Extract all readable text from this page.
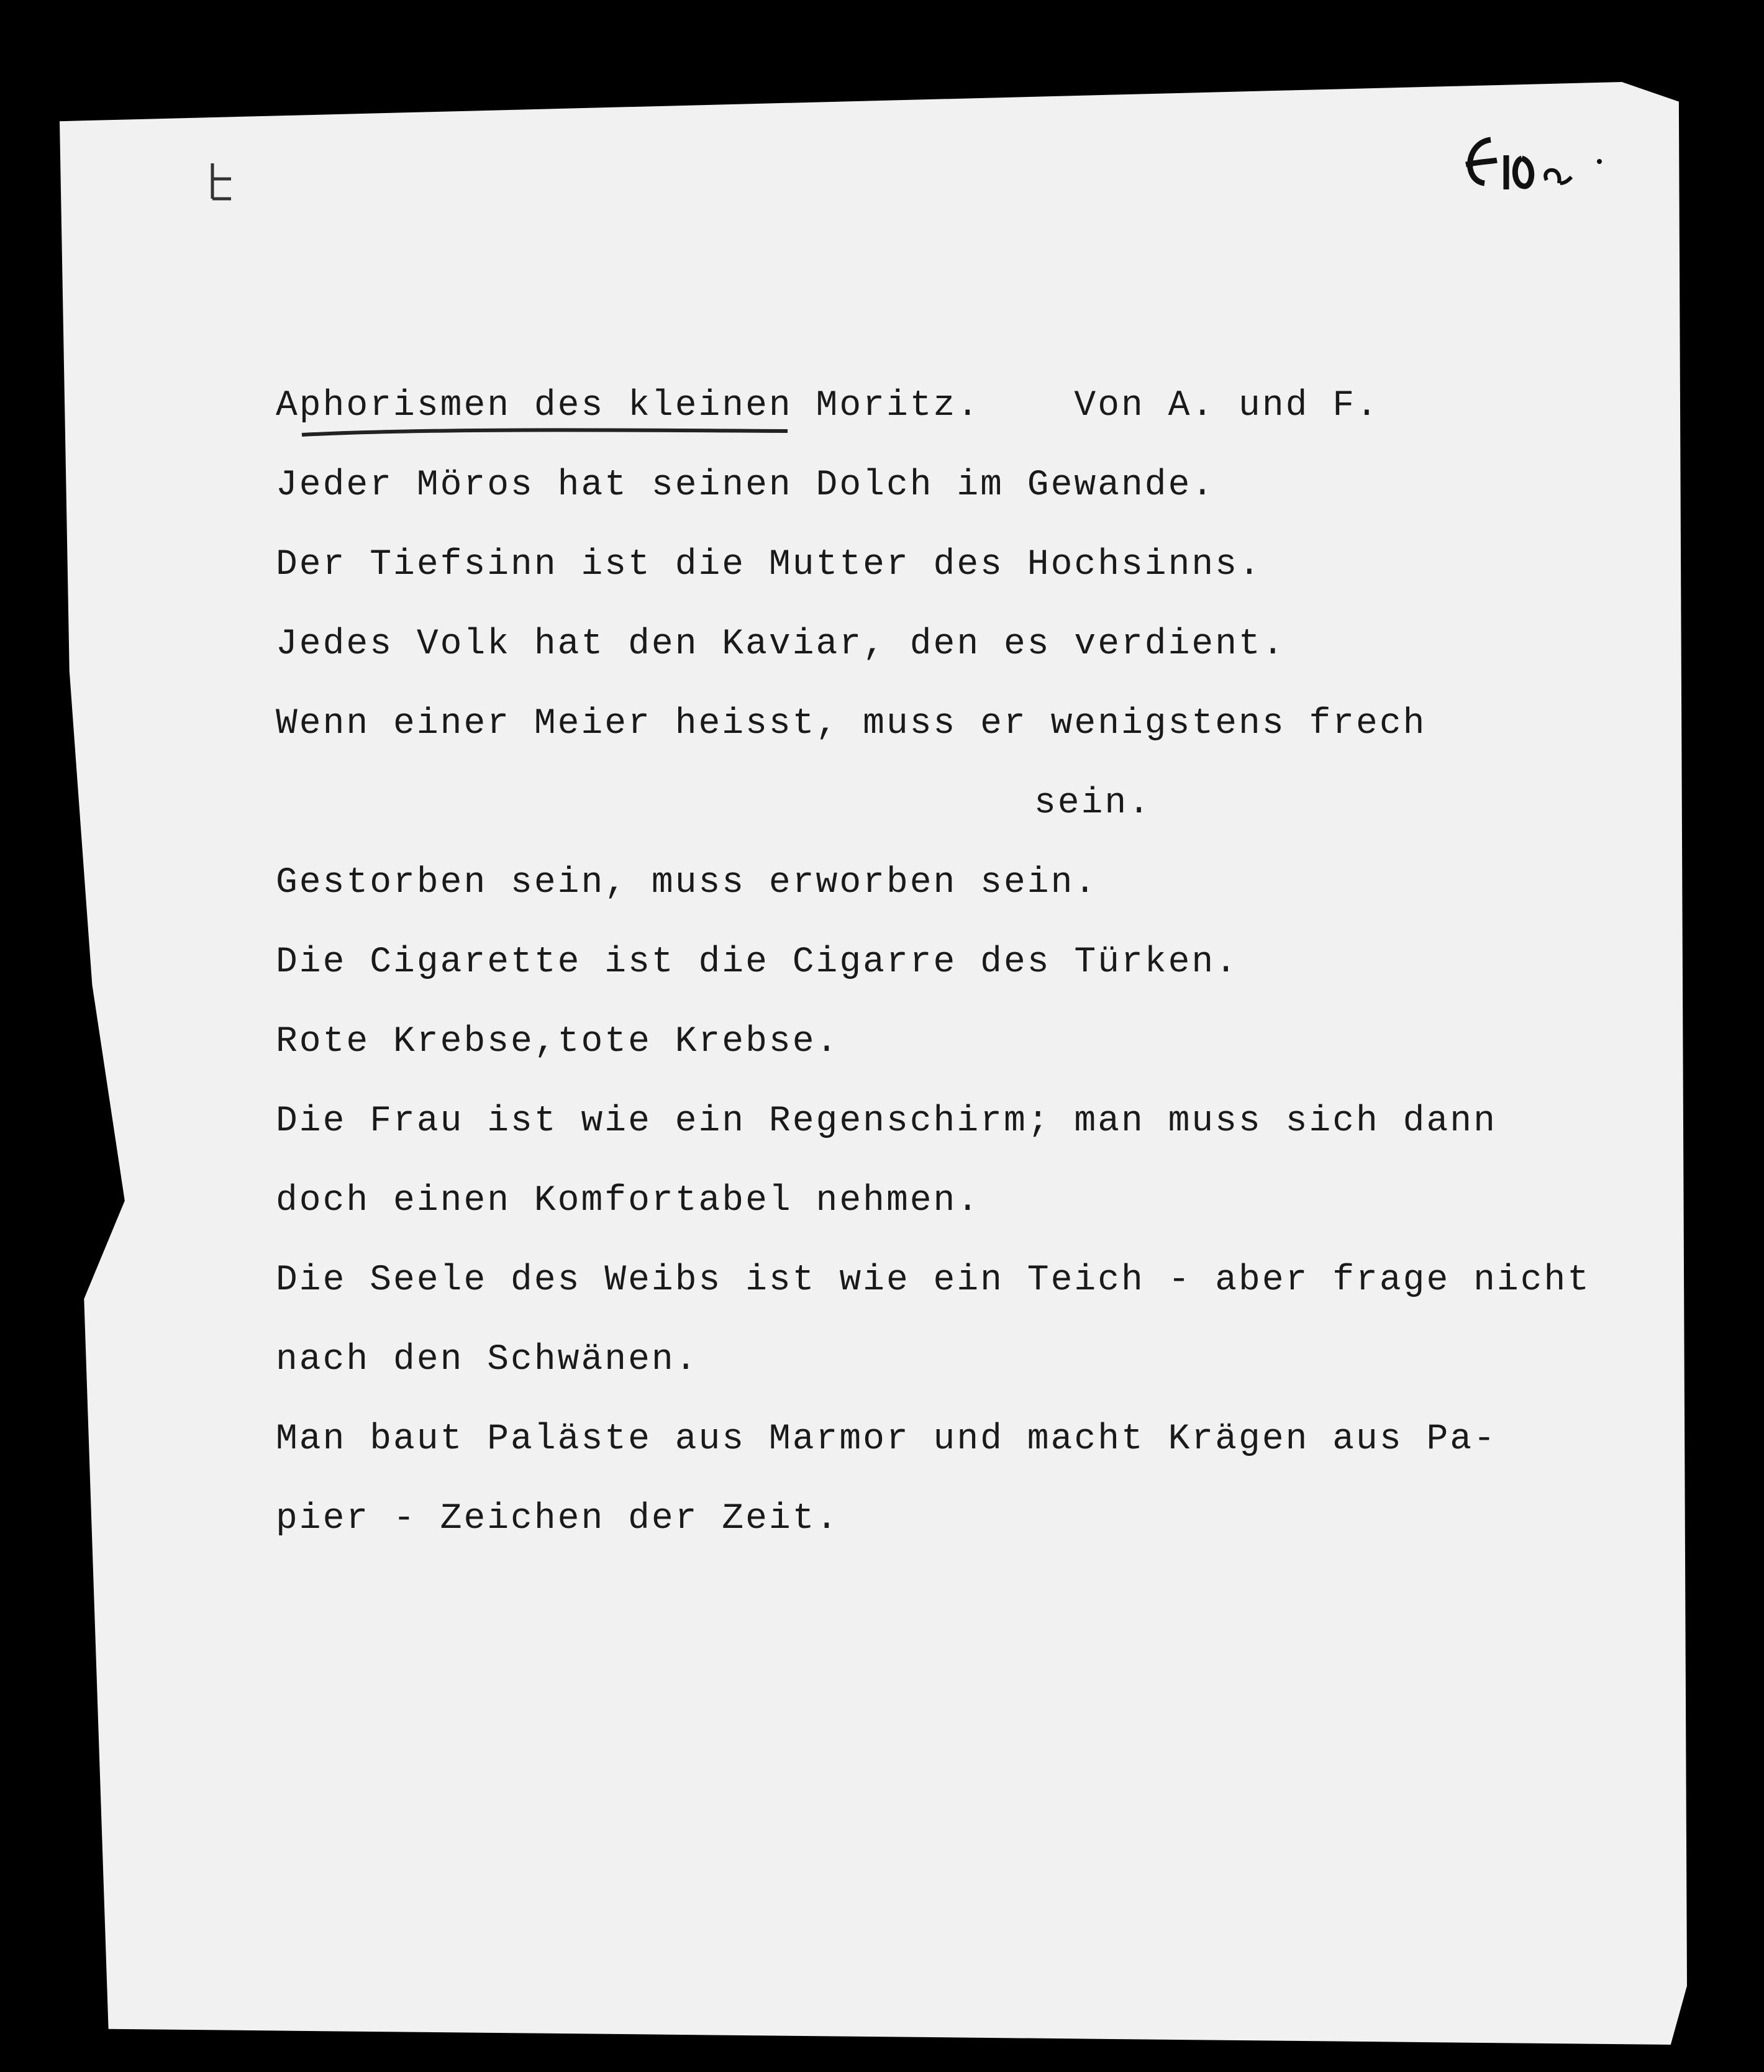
Aphorismen des kleinen Moritz.    Von A. und F.
Jeder Möros hat seinen Dolch im Gewande.
Der Tiefsinn ist die Mutter des Hochsinns.
Jedes Volk hat den Kaviar, den es verdient.
Wenn einer Meier heisst, muss er wenigstens frech
sein.
Gestorben sein, muss erworben sein.
Die Cigarette ist die Cigarre des Türken.
Rote Krebse,tote Krebse.
Die Frau ist wie ein Regenschirm; man muss sich dann
doch einen Komfortabel nehmen.
Die Seele des Weibs ist wie ein Teich - aber frage nicht
nach den Schwänen.
Man baut Paläste aus Marmor und macht Krägen aus Pa-
pier - Zeichen der Zeit.
